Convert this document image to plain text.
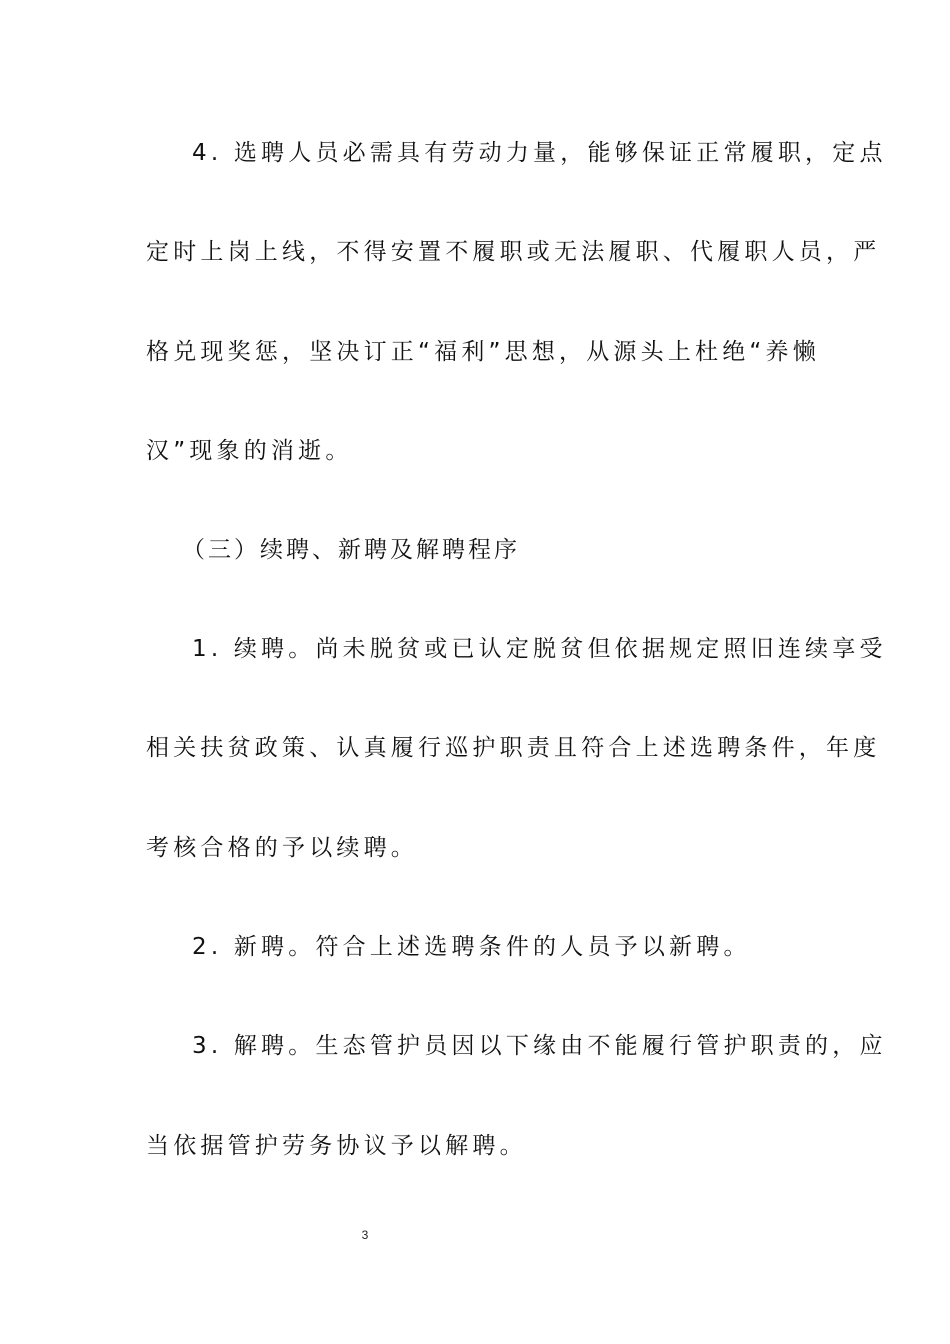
4. 选聘人员必需具有劳动力量，能够保证正常履职，定点
定时上岗上线，不得安置不履职或无法履职、代履职人员，严
格兑现奖惩，坚决订正“福利”思想，从源头上杜绝“养懒
汉”现象的消逝。
（三）续聘、新聘及解聘程序
1. 续聘。尚未脱贫或已认定脱贫但依据规定照旧连续享受
相关扶贫政策、认真履行巡护职责且符合上述选聘条件，年度
考核合格的予以续聘。
2. 新聘。符合上述选聘条件的人员予以新聘。
3. 解聘。生态管护员因以下缘由不能履行管护职责的，应
当依据管护劳务协议予以解聘。
3
